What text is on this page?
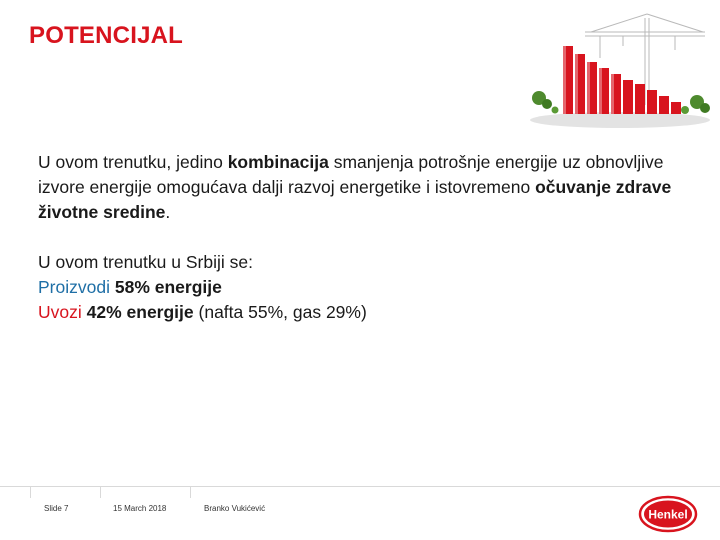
POTENCIJAL

U ovom trenutku, jedino kombinacija smanjenja potrošnje energije uz obnovljive izvore energije omogućava dalji razvoj energetike i istovremeno očuvanje zdrave životne sredine.

U ovom trenutku u Srbiji se:

Proizvodi 58% energije

Uvozi 42% energije (nafta 55%, gas 29%)

Slide 7	15 March 2018	Branko Vukićević	Henkel
